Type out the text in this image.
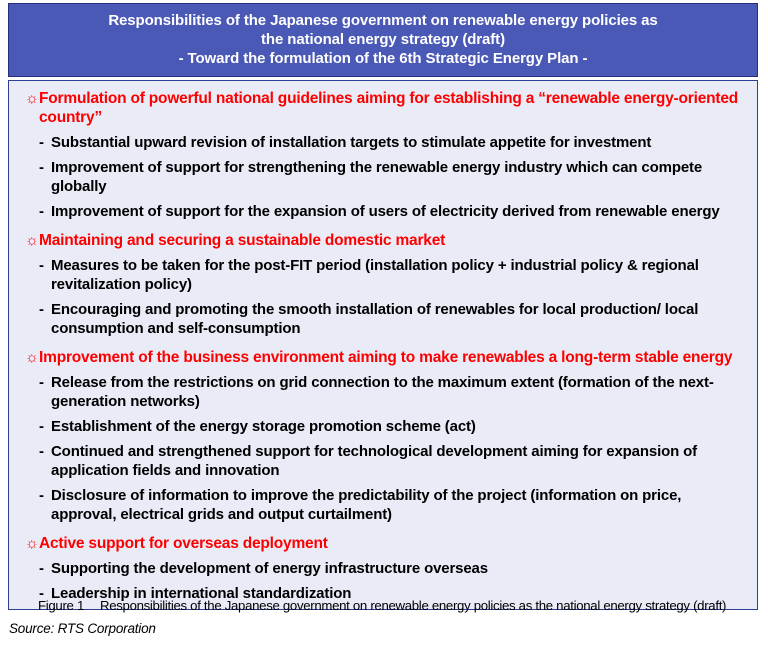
Responsibilities of the Japanese government on renewable energy policies as
the national energy strategy (draft)
- Toward the formulation of the 6th Strategic Energy Plan -
☼ Formulation of powerful national guidelines aiming for establishing a “renewable energy-oriented country”
- Substantial upward revision of installation targets to stimulate appetite for investment
- Improvement of support for strengthening the renewable energy industry which can compete globally
- Improvement of support for the expansion of users of electricity derived from renewable energy
☼ Maintaining and securing a sustainable domestic market
- Measures to be taken for the post-FIT period (installation policy + industrial policy & regional revitalization policy)
- Encouraging and promoting the smooth installation of renewables for local production/ local consumption and self-consumption
☼ Improvement of the business environment aiming to make renewables a long-term stable energy
- Release from the restrictions on grid connection to the maximum extent (formation of the next-generation networks)
- Establishment of the energy storage promotion scheme (act)
- Continued and strengthened support for technological development aiming for expansion of application fields and innovation
- Disclosure of information to improve the predictability of the project (information on price, approval, electrical grids and output curtailment)
☼ Active support for overseas deployment
- Supporting the development of energy infrastructure overseas
- Leadership in international standardization
Figure 1 Responsibilities of the Japanese government on renewable energy policies as the national energy strategy (draft)
Source: RTS Corporation
